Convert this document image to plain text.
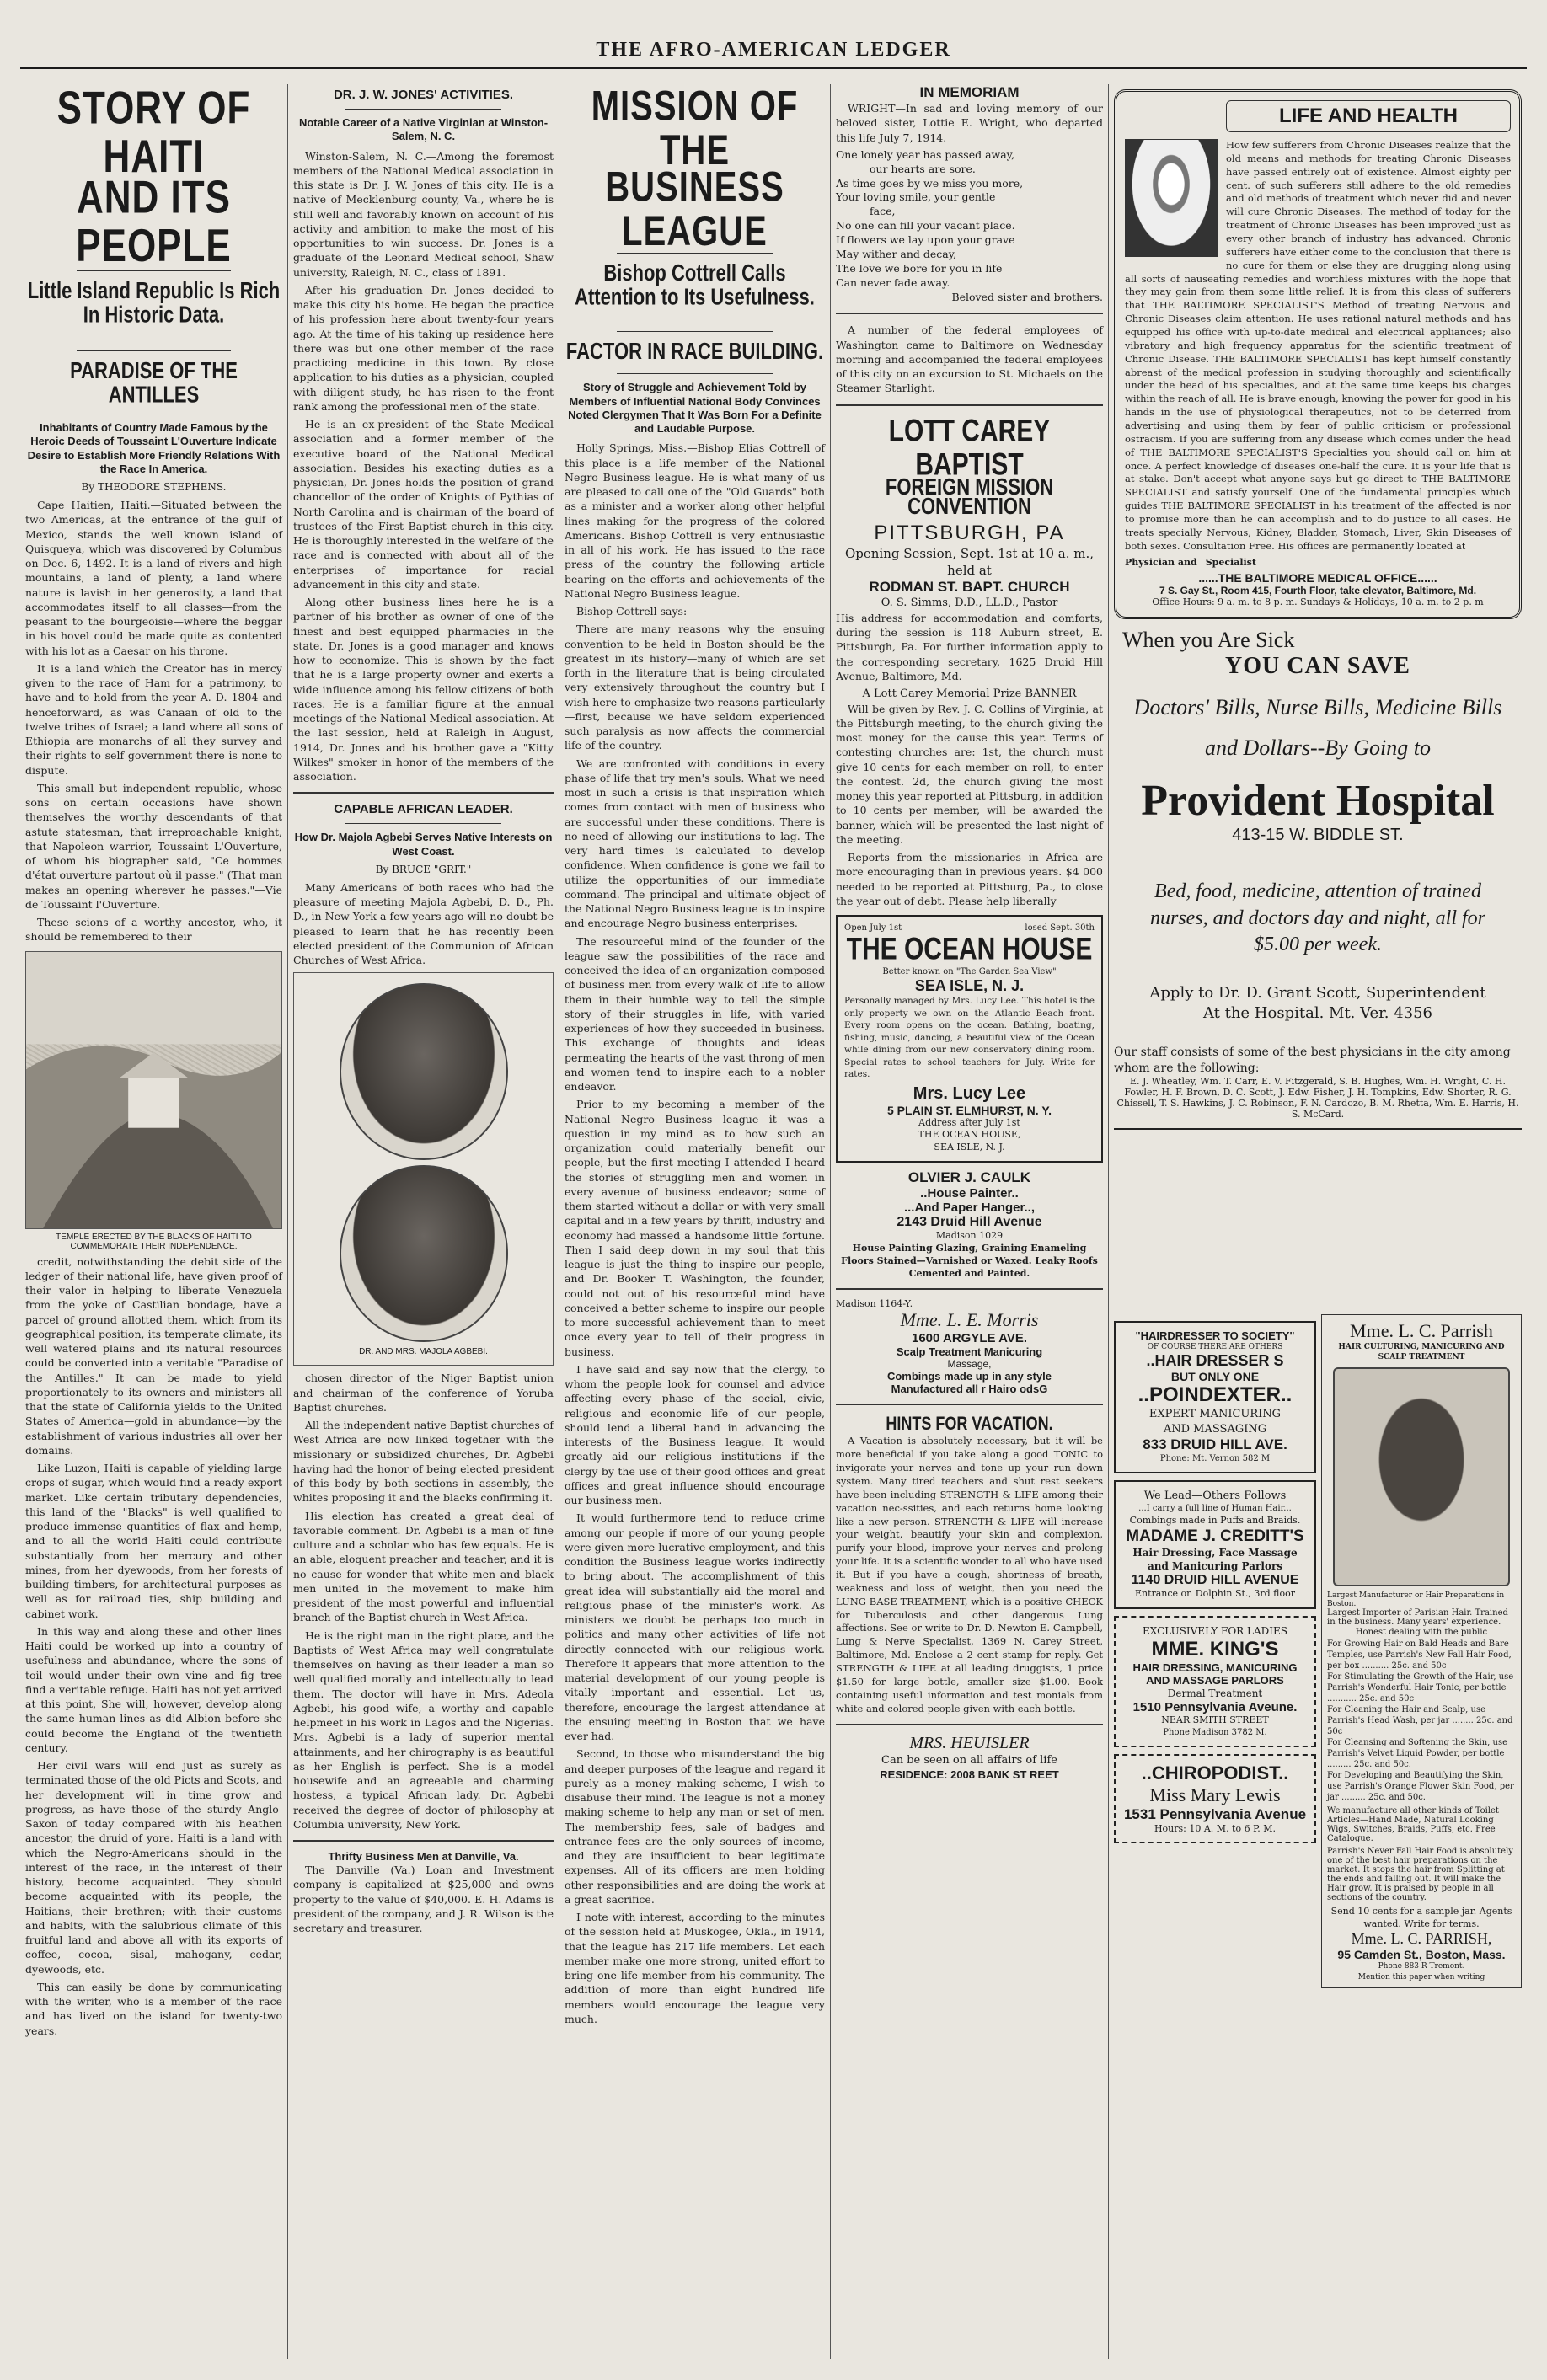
THE AFRO-AMERICAN LEDGER
STORY OF HAITI
AND ITS PEOPLE
Little Island Republic Is Rich In Historic Data.
PARADISE OF THE ANTILLES
Inhabitants of Country Made Famous by the Heroic Deeds of Toussaint L'Ouverture Indicate Desire to Establish More Friendly Relations With the Race In America.
By THEODORE STEPHENS.

Cape Haitien, Haiti.—Situated between the two Americas, at the entrance of the gulf of Mexico, stands the well known island of Quisqueya, which was discovered by Columbus on Dec. 6, 1492. It is a land of rivers and high mountains, a land of plenty, a land where nature is lavish in her generosity, a land that accommodates itself to all classes—from the peasant to the bourgeoisie—where the beggar in his hovel could be made quite as contented with his lot as a Caesar on his throne.

It is a land which the Creator has in mercy given to the race of Ham for a patrimony, to have and to hold from the year A. D. 1804 and henceforward, as was Canaan of old to the twelve tribes of Israel; a land where all sons of Ethiopia are monarchs of all they survey and their rights to self government there is none to dispute.

This small but independent republic, whose sons on certain occasions have shown themselves the worthy descendants of that astute statesman, that irreproachable knight, that Napoleon warrior, Toussaint L'Ouverture, of whom his biographer said, "Ce hommes d'état ouverture partout où il passe." (That man makes an opening wherever he passes."—Vie de Toussaint l'Ouverture.

These scions of a worthy ancestor, who, it should be remembered to their

TEMPLE ERECTED BY THE BLACKS OF HAITI TO COMMEMORATE THEIR INDEPENDENCE.

credit, notwithstanding the debit side of the ledger of their national life, have given proof of their valor in helping to liberate Venezuela from the yoke of Castilian bondage, have a parcel of ground allotted them, which from its geographical position, its temperate climate, its well watered plains and its natural resources could be converted into a veritable "Paradise of the Antilles." It can be made to yield proportionately to its owners and ministers all that the state of California yields to the United States of America—gold in abundance—by the establishment of various industries all over her domains.

Like Luzon, Haiti is capable of yielding large crops of sugar, which would find a ready export market. Like certain tributary dependencies, this land of the "Blacks" is well qualified to produce immense quantities of flax and hemp, and to all the world Haiti could contribute substantially from her mercury and other mines, from her dyewoods, from her forests of building timbers, for architectural purposes as well as for railroad ties, ship building and cabinet work.

In this way and along these and other lines Haiti could be worked up into a country of usefulness and abundance, where the sons of toil would under their own vine and fig tree find a veritable refuge. Haiti has not yet arrived at this point, She will, however, develop along the same human lines as did Albion before she could become the England of the twentieth century.

Her civil wars will end just as surely as terminated those of the old Picts and Scots, and her development will in time grow and progress, as have those of the sturdy Anglo-Saxon of today compared with his heathen ancestor, the druid of yore. Haiti is a land with which the Negro-Americans should in the interest of the race, in the interest of their history, become acquainted. They should become acquainted with its people, the Haitians, their brethren; with their customs and habits, with the salubrious climate of this fruitful land and above all with its exports of coffee, cocoa, sisal, mahogany, cedar, dyewoods, etc.

This can easily be done by communicating with the writer, who is a member of the race and has lived on the island for twenty-two years.

DR. J. W. JONES' ACTIVITIES.
Notable Career of a Native Virginian at Winston-Salem, N. C.

Winston-Salem, N. C.—Among the foremost members of the National Medical association in this state is Dr. J. W. Jones of this city. He is a native of Mecklenburg county, Va., where he is still well and favorably known on account of his activity and ambition to make the most of his opportunities to win success. Dr. Jones is a graduate of the Leonard Medical school, Shaw university, Raleigh, N. C., class of 1891.

After his graduation Dr. Jones decided to make this city his home. He began the practice of his profession here about twenty-four years ago. At the time of his taking up residence here there was but one other member of the race practicing medicine in this town. By close application to his duties as a physician, coupled with diligent study, he has risen to the front rank among the professional men of the state.

He is an ex-president of the State Medical association and a former member of the executive board of the National Medical association. Besides his exacting duties as a physician, Dr. Jones holds the position of grand chancellor of the order of Knights of Pythias of North Carolina and is chairman of the board of trustees of the First Baptist church in this city. He is thoroughly interested in the welfare of the race and is connected with about all of the enterprises of importance for racial advancement in this city and state.

Along other business lines here he is a partner of his brother as owner of one of the finest and best equipped pharmacies in the state. Dr. Jones is a good manager and knows how to economize. This is shown by the fact that he is a large property owner and exerts a wide influence among his fellow citizens of both races. He is a familiar figure at the annual meetings of the National Medical association. At the last session, held at Raleigh in August, 1914, Dr. Jones and his brother gave a "Kitty Wilkes" smoker in honor of the members of the association.

CAPABLE AFRICAN LEADER.
How Dr. Majola Agbebi Serves Native Interests on West Coast.
By BRUCE "GRIT."

Many Americans of both races who had the pleasure of meeting Majola Agbebi, D. D., Ph. D., in New York a few years ago will no doubt be pleased to learn that he has recently been elected president of the Communion of African Churches of West Africa.

DR. AND MRS. MAJOLA AGBEBI.

chosen director of the Niger Baptist union and chairman of the conference of Yoruba Baptist churches.

All the independent native Baptist churches of West Africa are now linked together with the missionary or subsidized churches, Dr. Agbebi having had the honor of being elected president of this body by both sections in assembly, the whites proposing it and the blacks confirming it.

His election has created a great deal of favorable comment. Dr. Agbebi is a man of fine culture and a scholar who has few equals. He is an able, eloquent preacher and teacher, and it is no cause for wonder that white men and black men united in the movement to make him president of the most powerful and influential branch of the Baptist church in West Africa.

He is the right man in the right place, and the Baptists of West Africa may well congratulate themselves on having as their leader a man so well qualified morally and intellectually to lead them. The doctor will have in Mrs. Adeola Agbebi, his good wife, a worthy and capable helpmeet in his work in Lagos and the Nigerias. Mrs. Agbebi is a lady of superior mental attainments, and her chirography is as beautiful as her English is perfect. She is a model housewife and an agreeable and charming hostess, a typical African lady. Dr. Agbebi received the degree of doctor of philosophy at Columbia university, New York.

Thrifty Business Men at Danville, Va.

The Danville (Va.) Loan and Investment company is capitalized at $25,000 and owns property to the value of $40,000. E. H. Adams is president of the company, and J. R. Wilson is the secretary and treasurer.

MISSION OF THE
BUSINESS LEAGUE
Bishop Cottrell Calls Attention to Its Usefulness.
FACTOR IN RACE BUILDING.
Story of Struggle and Achievement Told by Members of Influential National Body Convinces Noted Clergymen That It Was Born For a Definite and Laudable Purpose.

Holly Springs, Miss.—Bishop Elias Cottrell of this place is a life member of the National Negro Business league. He is what many of us are pleased to call one of the "Old Guards" both as a minister and a worker along other helpful lines making for the progress of the colored Americans. Bishop Cottrell is very enthusiastic in all of his work. He has issued to the race press of the country the following article bearing on the efforts and achievements of the National Negro Business league.

Bishop Cottrell says:

There are many reasons why the ensuing convention to be held in Boston should be the greatest in its history—many of which are set forth in the literature that is being circulated very extensively throughout the country but I wish here to emphasize two reasons particularly—first, because we have seldom experienced such paralysis as now affects the commercial life of the country.

We are confronted with conditions in every phase of life that try men's souls. What we need most in such a crisis is that inspiration which comes from contact with men of business who are successful under these conditions. There is no need of allowing our institutions to lag. The very hard times is calculated to develop confidence. When confidence is gone we fail to utilize the opportunities of our immediate command. The principal and ultimate object of the National Negro Business league is to inspire and encourage Negro business enterprises.

The resourceful mind of the founder of the league saw the possibilities of the race and conceived the idea of an organization composed of business men from every walk of life to allow them in their humble way to tell the simple story of their struggles in life, with varied experiences of how they succeeded in business. This exchange of thoughts and ideas permeating the hearts of the vast throng of men and women tend to inspire each to a nobler endeavor.

Prior to my becoming a member of the National Negro Business league it was a question in my mind as to how such an organization could materially benefit our people, but the first meeting I attended I heard the stories of struggling men and women in every avenue of business endeavor; some of them started without a dollar or with very small capital and in a few years by thrift, industry and economy had massed a handsome little fortune. Then I said deep down in my soul that this league is just the thing to inspire our people, and Dr. Booker T. Washington, the founder, could not out of his resourceful mind have conceived a better scheme to inspire our people to more successful achievement than to meet once every year to tell of their progress in business.

I have said and say now that the clergy, to whom the people look for counsel and advice affecting every phase of the social, civic, religious and economic life of our people, should lend a liberal hand in advancing the interests of the Business league. It would greatly aid our religious institutions if the clergy by the use of their good offices and great offices and great influence should encourage our business men.

It would furthermore tend to reduce crime among our people if more of our young people were given more lucrative employment, and this condition the Business league works indirectly to bring about. The accomplishment of this great idea will substantially aid the moral and religious phase of the minister's work. As ministers we doubt be perhaps too much in politics and many other activities of life not directly connected with our religious work. Therefore it appears that more attention to the material development of our young people is vitally important and essential. Let us, therefore, encourage the largest attendance at the ensuing meeting in Boston that we have ever had.

Second, to those who misunderstand the big and deeper purposes of the league and regard it purely as a money making scheme, I wish to disabuse their mind. The league is not a money making scheme to help any man or set of men. The membership fees, sale of badges and entrance fees are the only sources of income, and they are insufficient to bear legitimate expenses. All of its officers are men holding other responsibilities and are doing the work at a great sacrifice.

I note with interest, according to the minutes of the session held at Muskogee, Okla., in 1914, that the league has 217 life members. Let each member make one more strong, united effort to bring one life member from his community. The addition of more than eight hundred life members would encourage the league very much.

IN MEMORIAM

WRIGHT—In sad and loving memory of our beloved sister, Lottie E. Wright, who departed this life July 7, 1914.

One lonely year has passed away,
our hearts are sore.
As time goes by we miss you more,
Your loving smile, your gentle
face,
No one can fill your vacant place.
If flowers we lay upon your grave
May wither and decay,
The love we bore for you in life
Can never fade away.
Beloved sister and brothers.

A number of the federal employees of Washington came to Baltimore on Wednesday morning and accompanied the federal employees of this city on an excursion to St. Michaels on the Steamer Starlight.

LOTT CAREY BAPTIST
FOREIGN MISSION
CONVENTION
PITTSBURGH, PA
Opening Session, Sept. 1st at 10 a. m., held at
RODMAN ST. BAPT. CHURCH
O. S. Simms, D.D., LL.D., Pastor

His address for accommodation and comforts, during the session is 118 Auburn street, E. Pittsburgh, Pa. For further information apply to the corresponding secretary, 1625 Druid Hill Avenue, Baltimore, Md.

A Lott Carey Memorial Prize BANNER

Will be given by Rev. J. C. Collins of Virginia, at the Pittsburgh meeting, to the church giving the most money for the cause this year. Terms of contesting churches are: 1st, the church must give 10 cents for each member on roll, to enter the contest. 2d, the church giving the most money this year reported at Pittsburg, in addition to 10 cents per member, will be awarded the banner, which will be presented the last night of the meeting.

Reports from the missionaries in Africa are more encouraging than in previous years. $4 000 needed to be reported at Pittsburg, Pa., to close the year out of debt. Please help liberally

Open July 1st	losed Sept. 30th
THE OCEAN HOUSE
Better known on "The Garden Sea View"
SEA ISLE, N. J.

Personally managed by Mrs. Lucy Lee. This hotel is the only property we own on the Atlantic Beach front. Every room opens on the ocean. Bathing, boating, fishing, music, dancing, a beautiful view of the Ocean while dining from our new conservatory dining room. Special rates to school teachers for July. Write for rates.

Mrs. Lucy Lee
5 PLAIN ST. ELMHURST, N. Y.
Address after July 1st
THE OCEAN HOUSE,
SEA ISLE, N. J.
OLVIER J. CAULK
..House Painter..
...And Paper Hanger..,
2143 Druid Hill Avenue
Madison 1029
House Painting Glazing, Graining Enameling Floors Stained—Varnished or Waxed. Leaky Roofs Cemented and Painted.
Madison 1164-Y.
Mme. L. E. Morris
1600 ARGYLE AVE.
Scalp Treatment Manicuring
Massage,
Combings made up in any style
Manufactured all r Hairo odsG
HINTS FOR VACATION.

A Vacation is absolutely necessary, but it will be more beneficial if you take along a good TONIC to invigorate your nerves and tone up your run down system. Many tired teachers and shut rest seekers have been including STRENGTH & LIFE among their vacation nec-ssities, and each returns home looking like a new person. STRENGTH & LIFE will increase your weight, beautify your skin and complexion, purify your blood, improve your nerves and prolong your life. It is a scientific wonder to all who have used it. But if you have a cough, shortness of breath, weakness and loss of weight, then you need the LUNG BASE TREATMENT, which is a positive CHECK for Tuberculosis and other dangerous Lung affections. See or write to Dr. D. Newton E. Campbell, Lung & Nerve Specialist, 1369 N. Carey Street, Baltimore, Md. Enclose a 2 cent stamp for reply. Get STRENGTH & LIFE at all leading druggists, 1 price $1.50 for large bottle, smaller size $1.00. Book containing useful information and test monials from white and colored people given with each bottle.

MRS. HEUISLER
Can be seen on all affairs of life
RESIDENCE: 2008 BANK ST REET
LIFE AND HEALTH

How few sufferers from Chronic Diseases realize that the old means and methods for treating Chronic Diseases have passed entirely out of existence. Almost eighty per cent. of such sufferers still adhere to the old remedies and old methods of treatment which never did and never will cure Chronic Diseases. The method of today for the treatment of Chronic Diseases has been improved just as every other branch of industry has advanced. Chronic sufferers have either come to the conclusion that there is no cure for them or else they are drugging along using all sorts of nauseating remedies and worthless mixtures with the hope that they may gain from them some little relief. It is from this class of sufferers that THE BALTIMORE SPECIALIST'S Method of treating Nervous and Chronic Diseases claim attention. He uses rational natural methods and has equipped his office with up-to-date medical and electrical appliances; also vibratory and high frequency apparatus for the scientific treatment of Chronic Disease. THE BALTIMORE SPECIALIST has kept himself constantly abreast of the medical profession in studying thoroughly and scientifically under the head of his specialties, and at the same time keeps his charges within the reach of all. He is brave enough, knowing the power for good in his hands in the use of physiological therapeutics, not to be deterred from advertising and using them by fear of public criticism or professional ostracism. If you are suffering from any disease which comes under the head of THE BALTIMORE SPECIALIST'S Specialties you should call on him at once. A perfect knowledge of diseases one-half the cure. It is your life that is at stake. Don't accept what anyone says but go direct to THE BALTIMORE SPECIALIST and satisfy yourself. One of the fundamental principles which guides THE BALTIMORE SPECIALIST in his treatment of the affected is nor to promise more than he can accomplish and to do justice to all cases. He treats specially Nervous, Kidney, Bladder, Stomach, Liver, Skin Diseases of both sexes. Consultation Free. His offices are permanently located at

Physician and Specialist
......THE BALTIMORE MEDICAL OFFICE......
7 S. Gay St., Room 415, Fourth Floor, take elevator, Baltimore, Md.
Office Hours: 9 a. m. to 8 p. m. Sundays & Holidays, 10 a. m. to 2 p. m
When you Are Sick
YOU CAN SAVE
Doctors' Bills, Nurse Bills, Medicine Bills
and Dollars--By Going to
Provident Hospital
413-15 W. BIDDLE ST.
Bed, food, medicine, attention of trained nurses, and doctors day and night, all for $5.00 per week.
Apply to Dr. D. Grant Scott, Superintendent
At the Hospital. Mt. Ver. 4356
Our staff consists of some of the best physicians in the city among whom are the following:
E. J. Wheatley, Wm. T. Carr, E. V. Fitzgerald, S. B. Hughes, Wm. H. Wright, C. H. Fowler, H. F. Brown, D. C. Scott, J. Edw. Fisher, J. H. Tompkins, Edw. Shorter, R. G. Chissell, T. S. Hawkins, J. C. Robinson, F. N. Cardozo, B. M. Rhetta, Wm. E. Harris, H. S. McCard.
"HAIRDRESSER TO SOCIETY"
OF COURSE THERE ARE OTHERS
..HAIR DRESSER S
BUT ONLY ONE
..POINDEXTER..
EXPERT MANICURING
AND MASSAGING
833 DRUID HILL AVE.
Phone: Mt. Vernon 582 M
We Lead—Others Follows
...I carry a full line of Human Hair...
Combings made in Puffs and Braids.
MADAME J. CREDITT'S
Hair Dressing, Face Massage
and Manicuring Parlors
1140 DRUID HILL AVENUE
Entrance on Dolphin St., 3rd floor
EXCLUSIVELY FOR LADIES
MME. KING'S
HAIR DRESSING, MANICURING AND MASSAGE PARLORS
Dermal Treatment
1510 Pennsylvania Aveune.
NEAR SMITH STREET
Phone Madison 3782 M.
..CHIROPODIST..
Miss Mary Lewis
1531 Pennsylvania Avenue
Hours: 10 A. M. to 6 P. M.
Mme. L. C. Parrish
HAIR CULTURING, MANICURING AND SCALP TREATMENT
Largest Manufacturer or Hair Preparations in Boston.
Largest Importer of Parisian Hair. Trained in the business. Many years' experience.
Honest dealing with the public
For Growing Hair on Bald Heads and Bare Temples, use Parrish's New Fall Hair Food, per box .......... 25c. and 50c
For Stimulating the Growth of the Hair, use Parrish's Wonderful Hair Tonic, per bottle ........... 25c. and 50c
For Cleaning the Hair and Scalp, use Parrish's Head Wash, per jar ........ 25c. and 50c
For Cleansing and Softening the Skin, use Parrish's Velvet Liquid Powder, per bottle ......... 25c. and 50c.
For Developing and Beautifying the Skin, use Parrish's Orange Flower Skin Food, per jar ......... 25c. and 50c.
We manufacture all other kinds of Toilet Articles—Hand Made, Natural Looking Wigs, Switches, Braids, Puffs, etc. Free Catalogue.
Parrish's Never Fall Hair Food is absolutely one of the best hair preparations on the market. It stops the hair from Splitting at the ends and falling out. It will make the Hair grow. It is praised by people in all sections of the country.
Send 10 cents for a sample jar. Agents wanted. Write for terms.
Mme. L. C. PARRISH,
95 Camden St., Boston, Mass.
Phone 883 R Tremont.
Mention this paper when writing
